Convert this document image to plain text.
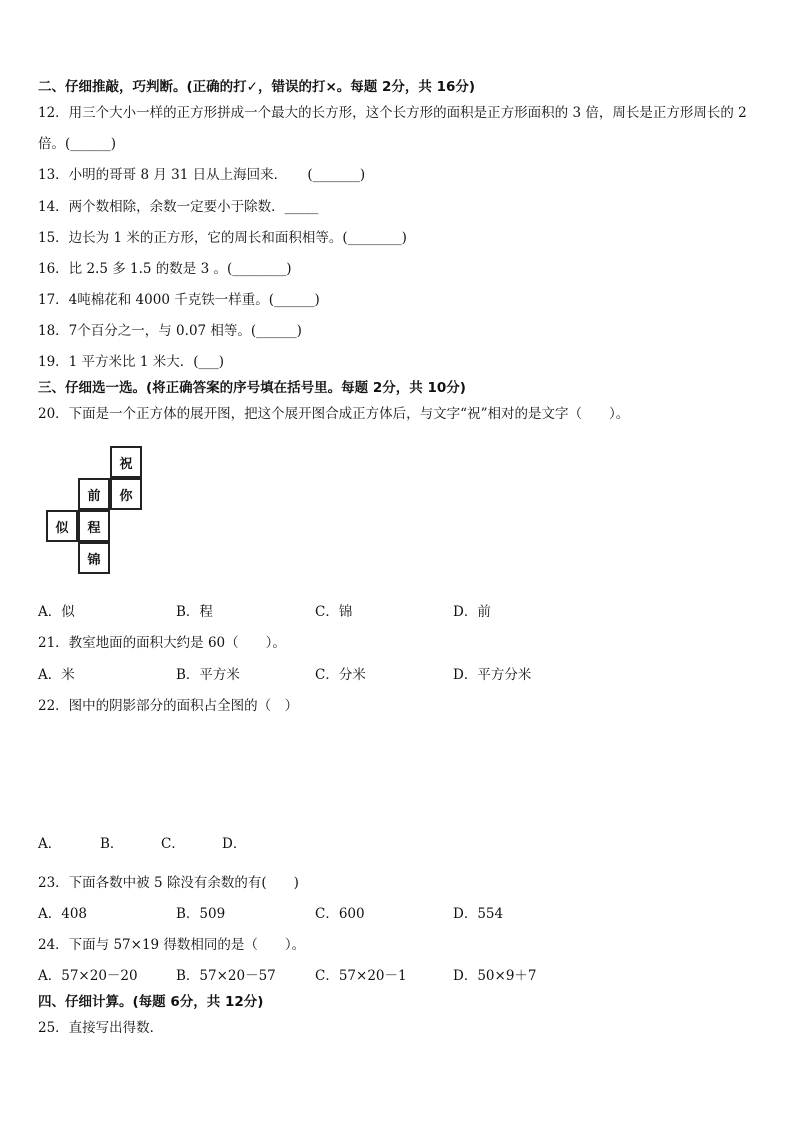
二、仔细推敲，巧判断。(正确的打✓，错误的打×。每题 2分，共 16分)
12．用三个大小一样的正方形拼成一个最大的长方形，这个长方形的面积是正方形面积的 3 倍，周长是正方形周长的 2
倍。(______)
13．小明的哥哥 8 月 31 日从上海回来．　　(_______)
14．两个数相除，余数一定要小于除数．_____
15．边长为 1 米的正方形，它的周长和面积相等。(________)
16．比 2.5 多 1.5 的数是 3 。(________)
17．4吨棉花和 4000 千克铁一样重。(______)
18．7个百分之一，与 0.07 相等。(______)
19．1 平方米比 1 米大．(___)
三、仔细选一选。(将正确答案的序号填在括号里。每题 2分，共 10分)
20．下面是一个正方体的展开图，把这个展开图合成正方体后，与文字“祝”相对的是文字（　　）。
祝
前	你
似	程
锦
A．似	B．程	C．锦	D．前
21．教室地面的面积大约是 60（　　）。
A．米	B．平方米	C．分米	D．平方分米
22．图中的阴影部分的面积占全图的（　）
A．	B．	C．	D．
23．下面各数中被 5 除没有余数的有(　　)
A．408	B．509	C．600	D．554
24．下面与 57×19 得数相同的是（　　）。
A．57×20－20	B．57×20－57	C．57×20－1	D．50×9＋7
四、仔细计算。(每题 6分，共 12分)
25．直接写出得数．
